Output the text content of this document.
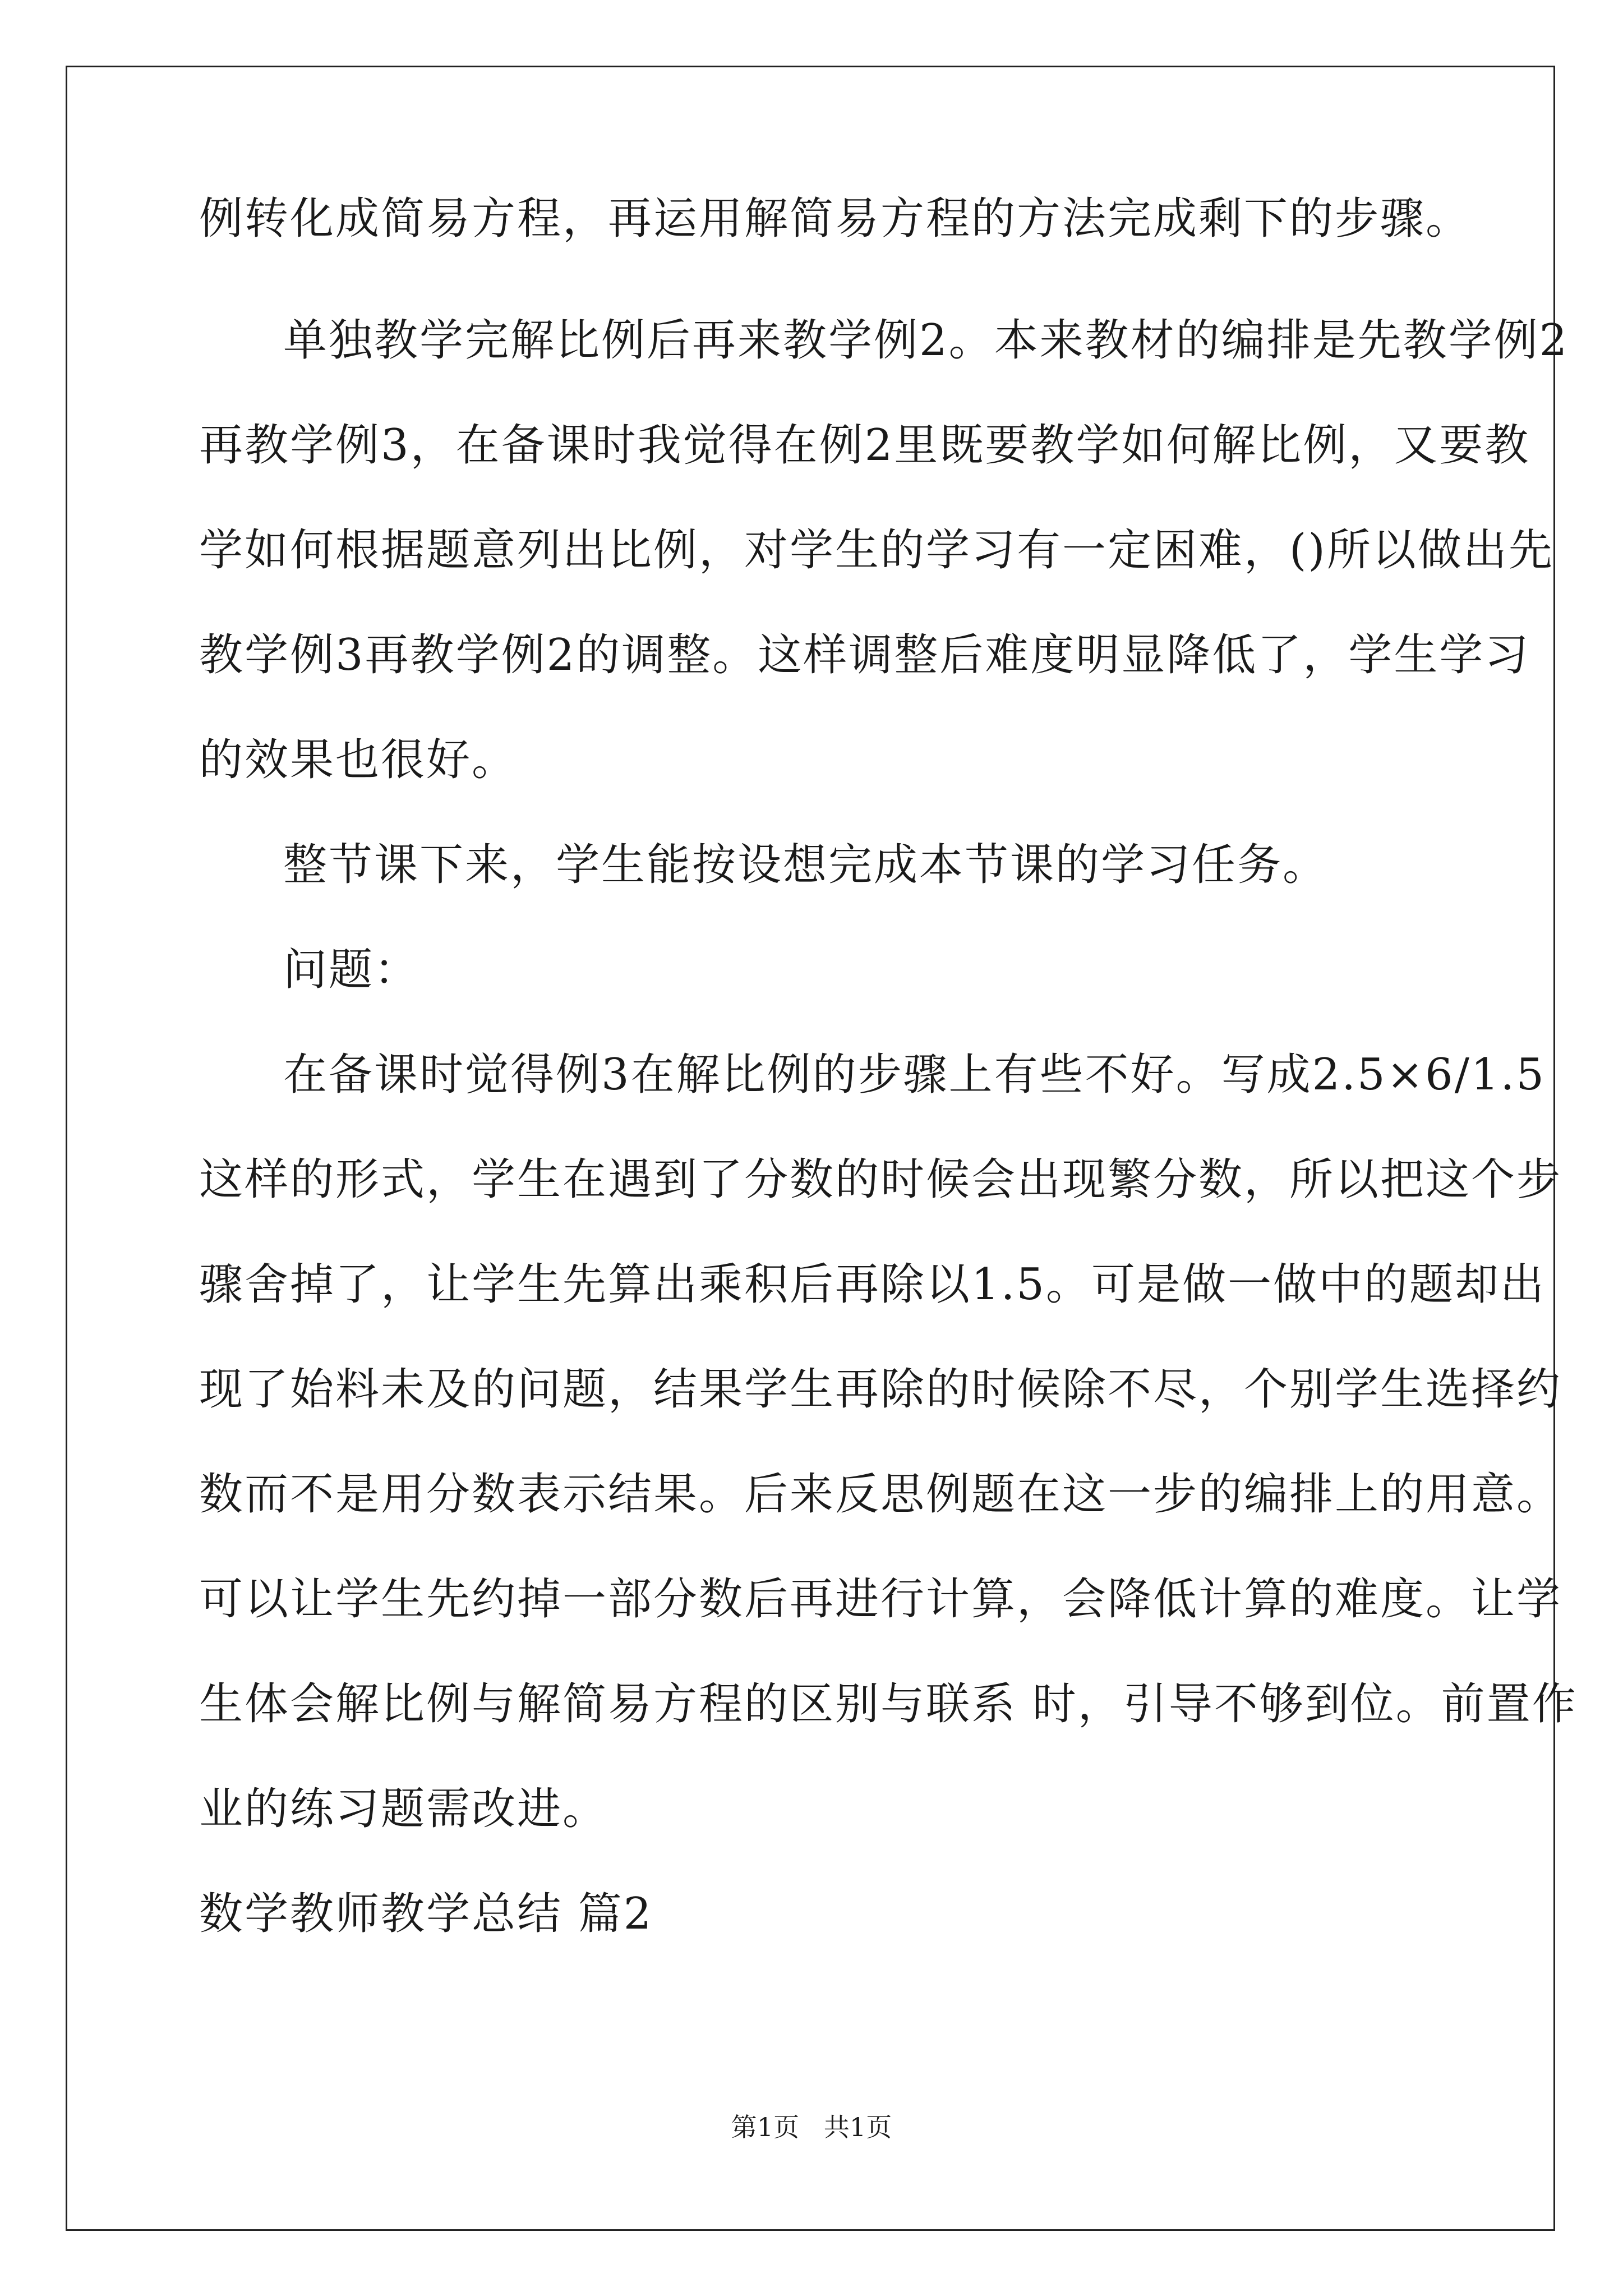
例转化成简易方程，再运用解简易方程的方法完成剩下的步骤。
单独教学完解比例后再来教学例2。本来教材的编排是先教学例2
再教学例3，在备课时我觉得在例2里既要教学如何解比例，又要教
学如何根据题意列出比例，对学生的学习有一定困难，()所以做出先
教学例3再教学例2的调整。这样调整后难度明显降低了，学生学习
的效果也很好。
整节课下来，学生能按设想完成本节课的学习任务。
问题：
在备课时觉得例3在解比例的步骤上有些不好。写成2.5×6/1.5
这样的形式，学生在遇到了分数的时候会出现繁分数，所以把这个步
骤舍掉了，让学生先算出乘积后再除以1.5。可是做一做中的题却出
现了始料未及的问题，结果学生再除的时候除不尽，个别学生选择约
数而不是用分数表示结果。后来反思例题在这一步的编排上的用意。
可以让学生先约掉一部分数后再进行计算，会降低计算的难度。让学
生体会解比例与解简易方程的区别与联系 时，引导不够到位。前置作
业的练习题需改进。
数学教师教学总结 篇2
第1页   共1页
